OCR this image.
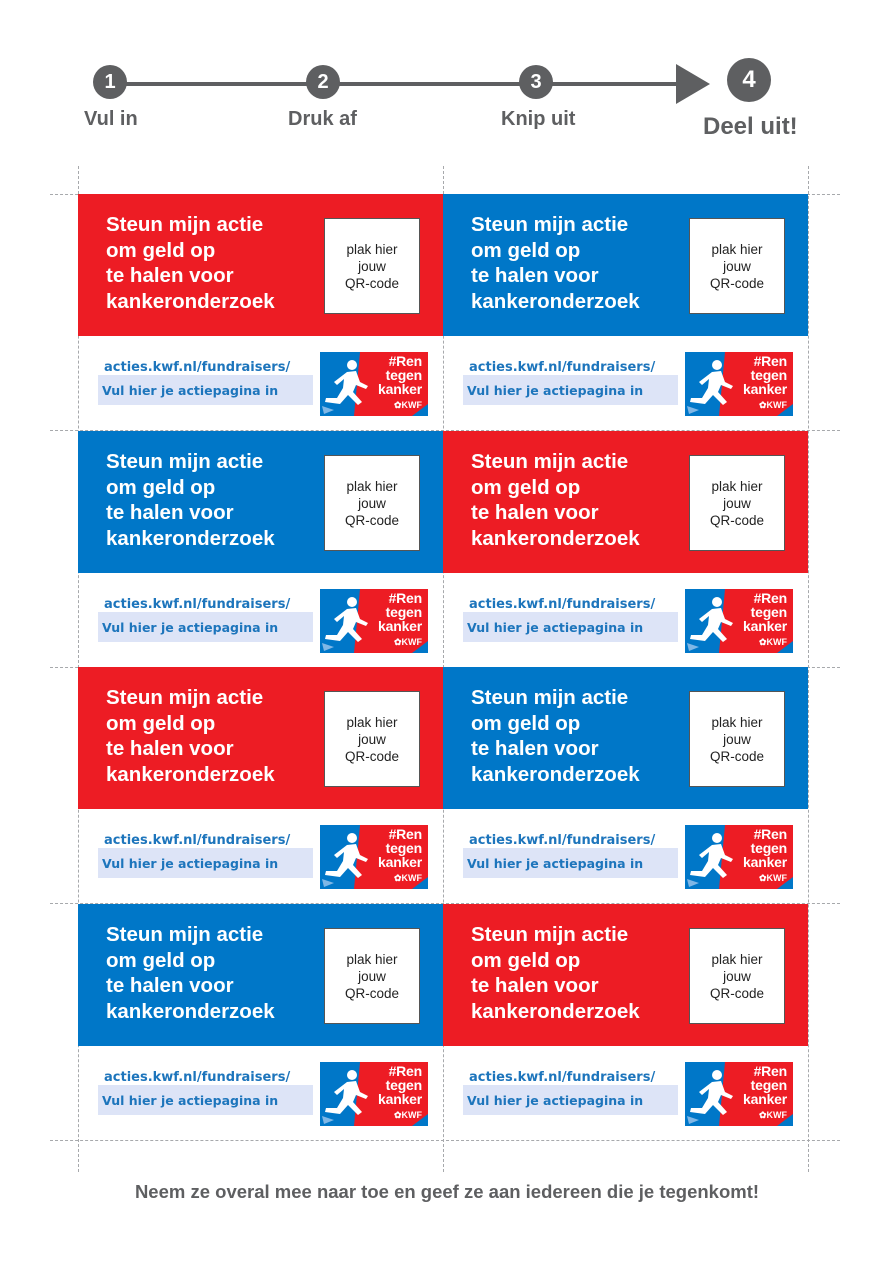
1
Vul in
2
Druk af
3
Knip uit
4
Deel uit!
Steun mijn actie
om geld op
te halen voor
kankeronderzoek
plak hier
jouw
QR-code
acties.kwf.nl/fundraisers/
Vul hier je actiepagina in	#Ren
tegen
kanker
✿KWF
Steun mijn actie
om geld op
te halen voor
kankeronderzoek
plak hier
jouw
QR-code
acties.kwf.nl/fundraisers/
Vul hier je actiepagina in	#Ren
tegen
kanker
✿KWF
Steun mijn actie
om geld op
te halen voor
kankeronderzoek
plak hier
jouw
QR-code
acties.kwf.nl/fundraisers/
Vul hier je actiepagina in	#Ren
tegen
kanker
✿KWF
Steun mijn actie
om geld op
te halen voor
kankeronderzoek
plak hier
jouw
QR-code
acties.kwf.nl/fundraisers/
Vul hier je actiepagina in	#Ren
tegen
kanker
✿KWF
Steun mijn actie
om geld op
te halen voor
kankeronderzoek
plak hier
jouw
QR-code
acties.kwf.nl/fundraisers/
Vul hier je actiepagina in	#Ren
tegen
kanker
✿KWF
Steun mijn actie
om geld op
te halen voor
kankeronderzoek
plak hier
jouw
QR-code
acties.kwf.nl/fundraisers/
Vul hier je actiepagina in	#Ren
tegen
kanker
✿KWF
Steun mijn actie
om geld op
te halen voor
kankeronderzoek
plak hier
jouw
QR-code
acties.kwf.nl/fundraisers/
Vul hier je actiepagina in	#Ren
tegen
kanker
✿KWF
Steun mijn actie
om geld op
te halen voor
kankeronderzoek
plak hier
jouw
QR-code
acties.kwf.nl/fundraisers/
Vul hier je actiepagina in	#Ren
tegen
kanker
✿KWF
Neem ze overal mee naar toe en geef ze aan iedereen die je tegenkomt!
